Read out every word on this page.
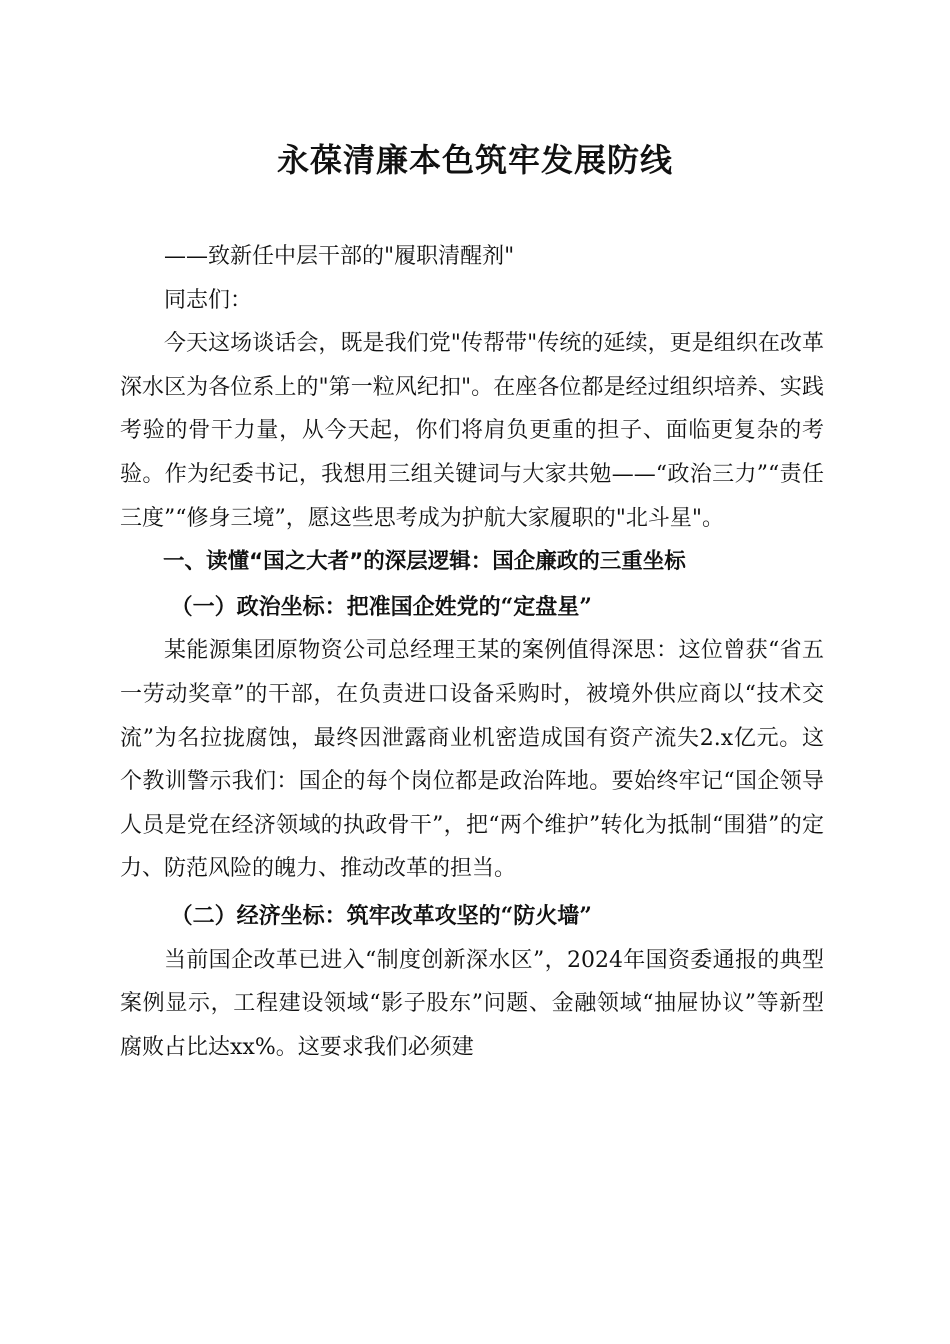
永葆清廉本色筑牢发展防线

——致新任中层干部的"履职清醒剂"

同志们：

今天这场谈话会，既是我们党"传帮带"传统的延续，更是组织在改革深水区为各位系上的"第一粒风纪扣"。在座各位都是经过组织培养、实践考验的骨干力量，从今天起，你们将肩负更重的担子、面临更复杂的考验。作为纪委书记，我想用三组关键词与大家共勉——“政治三力”“责任三度”“修身三境”，愿这些思考成为护航大家履职的"北斗星"。

一、读懂“国之大者”的深层逻辑：国企廉政的三重坐标

（一）政治坐标：把准国企姓党的“定盘星”

某能源集团原物资公司总经理王某的案例值得深思：这位曾获“省五一劳动奖章”的干部，在负责进口设备采购时，被境外供应商以“技术交流”为名拉拢腐蚀，最终因泄露商业机密造成国有资产流失2.x亿元。这个教训警示我们：国企的每个岗位都是政治阵地。要始终牢记“国企领导人员是党在经济领域的执政骨干”，把“两个维护”转化为抵制“围猎”的定力、防范风险的魄力、推动改革的担当。

（二）经济坐标：筑牢改革攻坚的“防火墙”

当前国企改革已进入“制度创新深水区”，2024年国资委通报的典型案例显示，工程建设领域“影子股东”问题、金融领域“抽屉协议”等新型腐败占比达xx%。这要求我们必须建
